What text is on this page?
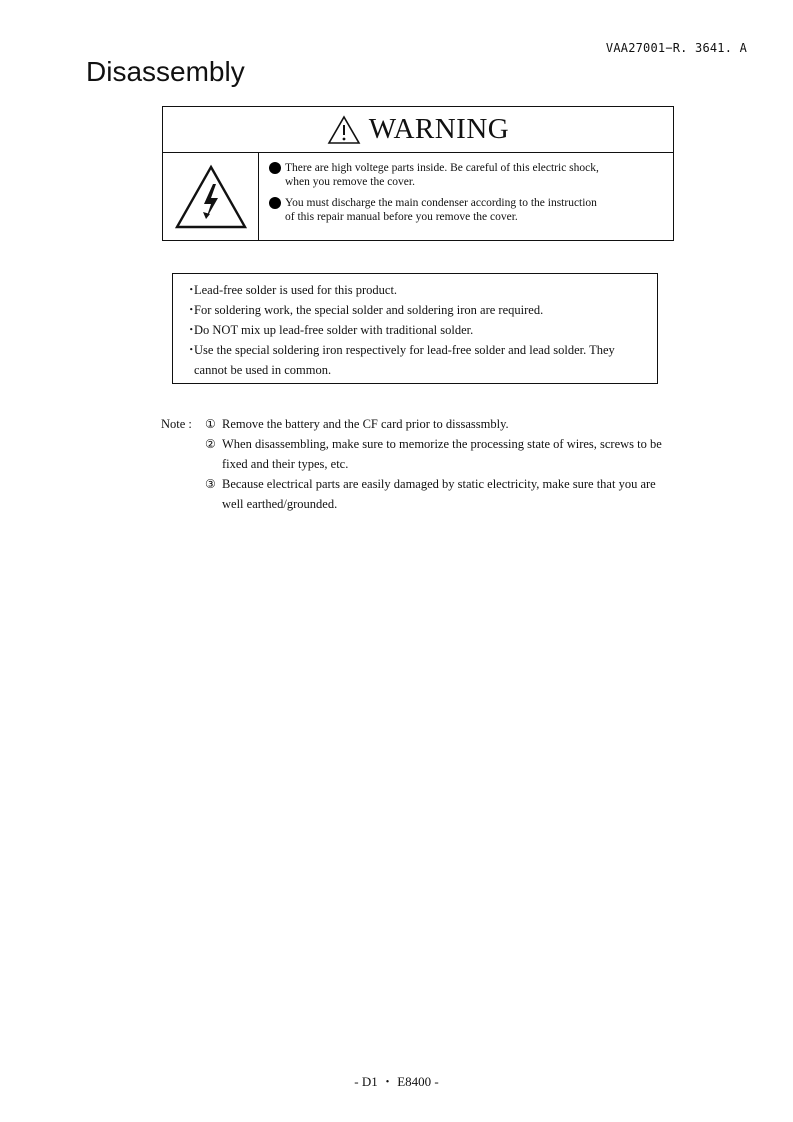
VAA27001−R. 3641. A
Disassembly
WARNING
There are high voltege parts inside. Be careful of this electric shock,
when you remove the cover.
You must discharge the main condenser according to the instruction
of this repair manual before you remove the cover.
・
Lead-free solder is used for this product.
・
For soldering work, the special solder and soldering iron are required.
・
Do NOT mix up lead-free solder with traditional solder.
・
Use the special soldering iron respectively for lead-free solder and lead solder. They cannot be used in common.
Note :	① Remove the battery and the CF card prior to dissassmbly.
② When disassembling, make sure to memorize the processing state of wires, screws to be fixed and their types, etc.
③ Because electrical parts are easily damaged by static electricity, make sure that you are well earthed/grounded.
- D1 ・ E8400 -
